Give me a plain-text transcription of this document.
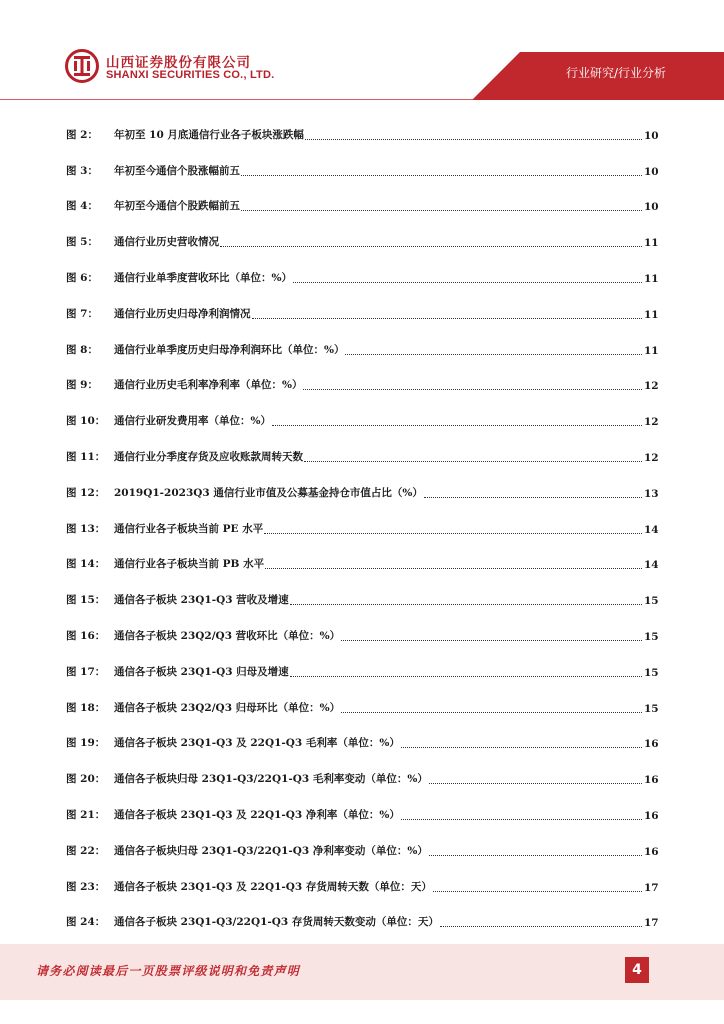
山西证券股份有限公司
SHANXI SECURITIES CO., LTD.	行业研究/行业分析
图 2：	年初至 10 月底通信行业各子板块涨跌幅	10
图 3：	年初至今通信个股涨幅前五	10
图 4：	年初至今通信个股跌幅前五	10
图 5：	通信行业历史营收情况	11
图 6：	通信行业单季度营收环比（单位：%）	11
图 7：	通信行业历史归母净利润情况	11
图 8：	通信行业单季度历史归母净利润环比（单位：%）	11
图 9：	通信行业历史毛利率净利率（单位：%）	12
图 10： 通信行业研发费用率（单位：%）	12
图 11： 通信行业分季度存货及应收账款周转天数	12
图 12： 2019Q1-2023Q3 通信行业市值及公募基金持仓市值占比（%）	13
图 13： 通信行业各子板块当前 PE 水平	14
图 14： 通信行业各子板块当前 PB 水平	14
图 15： 通信各子板块 23Q1-Q3 营收及增速	15
图 16： 通信各子板块 23Q2/Q3 营收环比（单位：%）	15
图 17： 通信各子板块 23Q1-Q3 归母及增速	15
图 18： 通信各子板块 23Q2/Q3 归母环比（单位：%）	15
图 19： 通信各子板块 23Q1-Q3 及 22Q1-Q3 毛利率（单位：%）	16
图 20： 通信各子板块归母 23Q1-Q3/22Q1-Q3 毛利率变动（单位：%）	16
图 21： 通信各子板块 23Q1-Q3 及 22Q1-Q3 净利率（单位：%）	16
图 22： 通信各子板块归母 23Q1-Q3/22Q1-Q3 净利率变动（单位：%）	16
图 23： 通信各子板块 23Q1-Q3 及 22Q1-Q3 存货周转天数（单位：天）	17
图 24： 通信各子板块 23Q1-Q3/22Q1-Q3 存货周转天数变动（单位：天）	17
请务必阅读最后一页股票评级说明和免责声明	4
